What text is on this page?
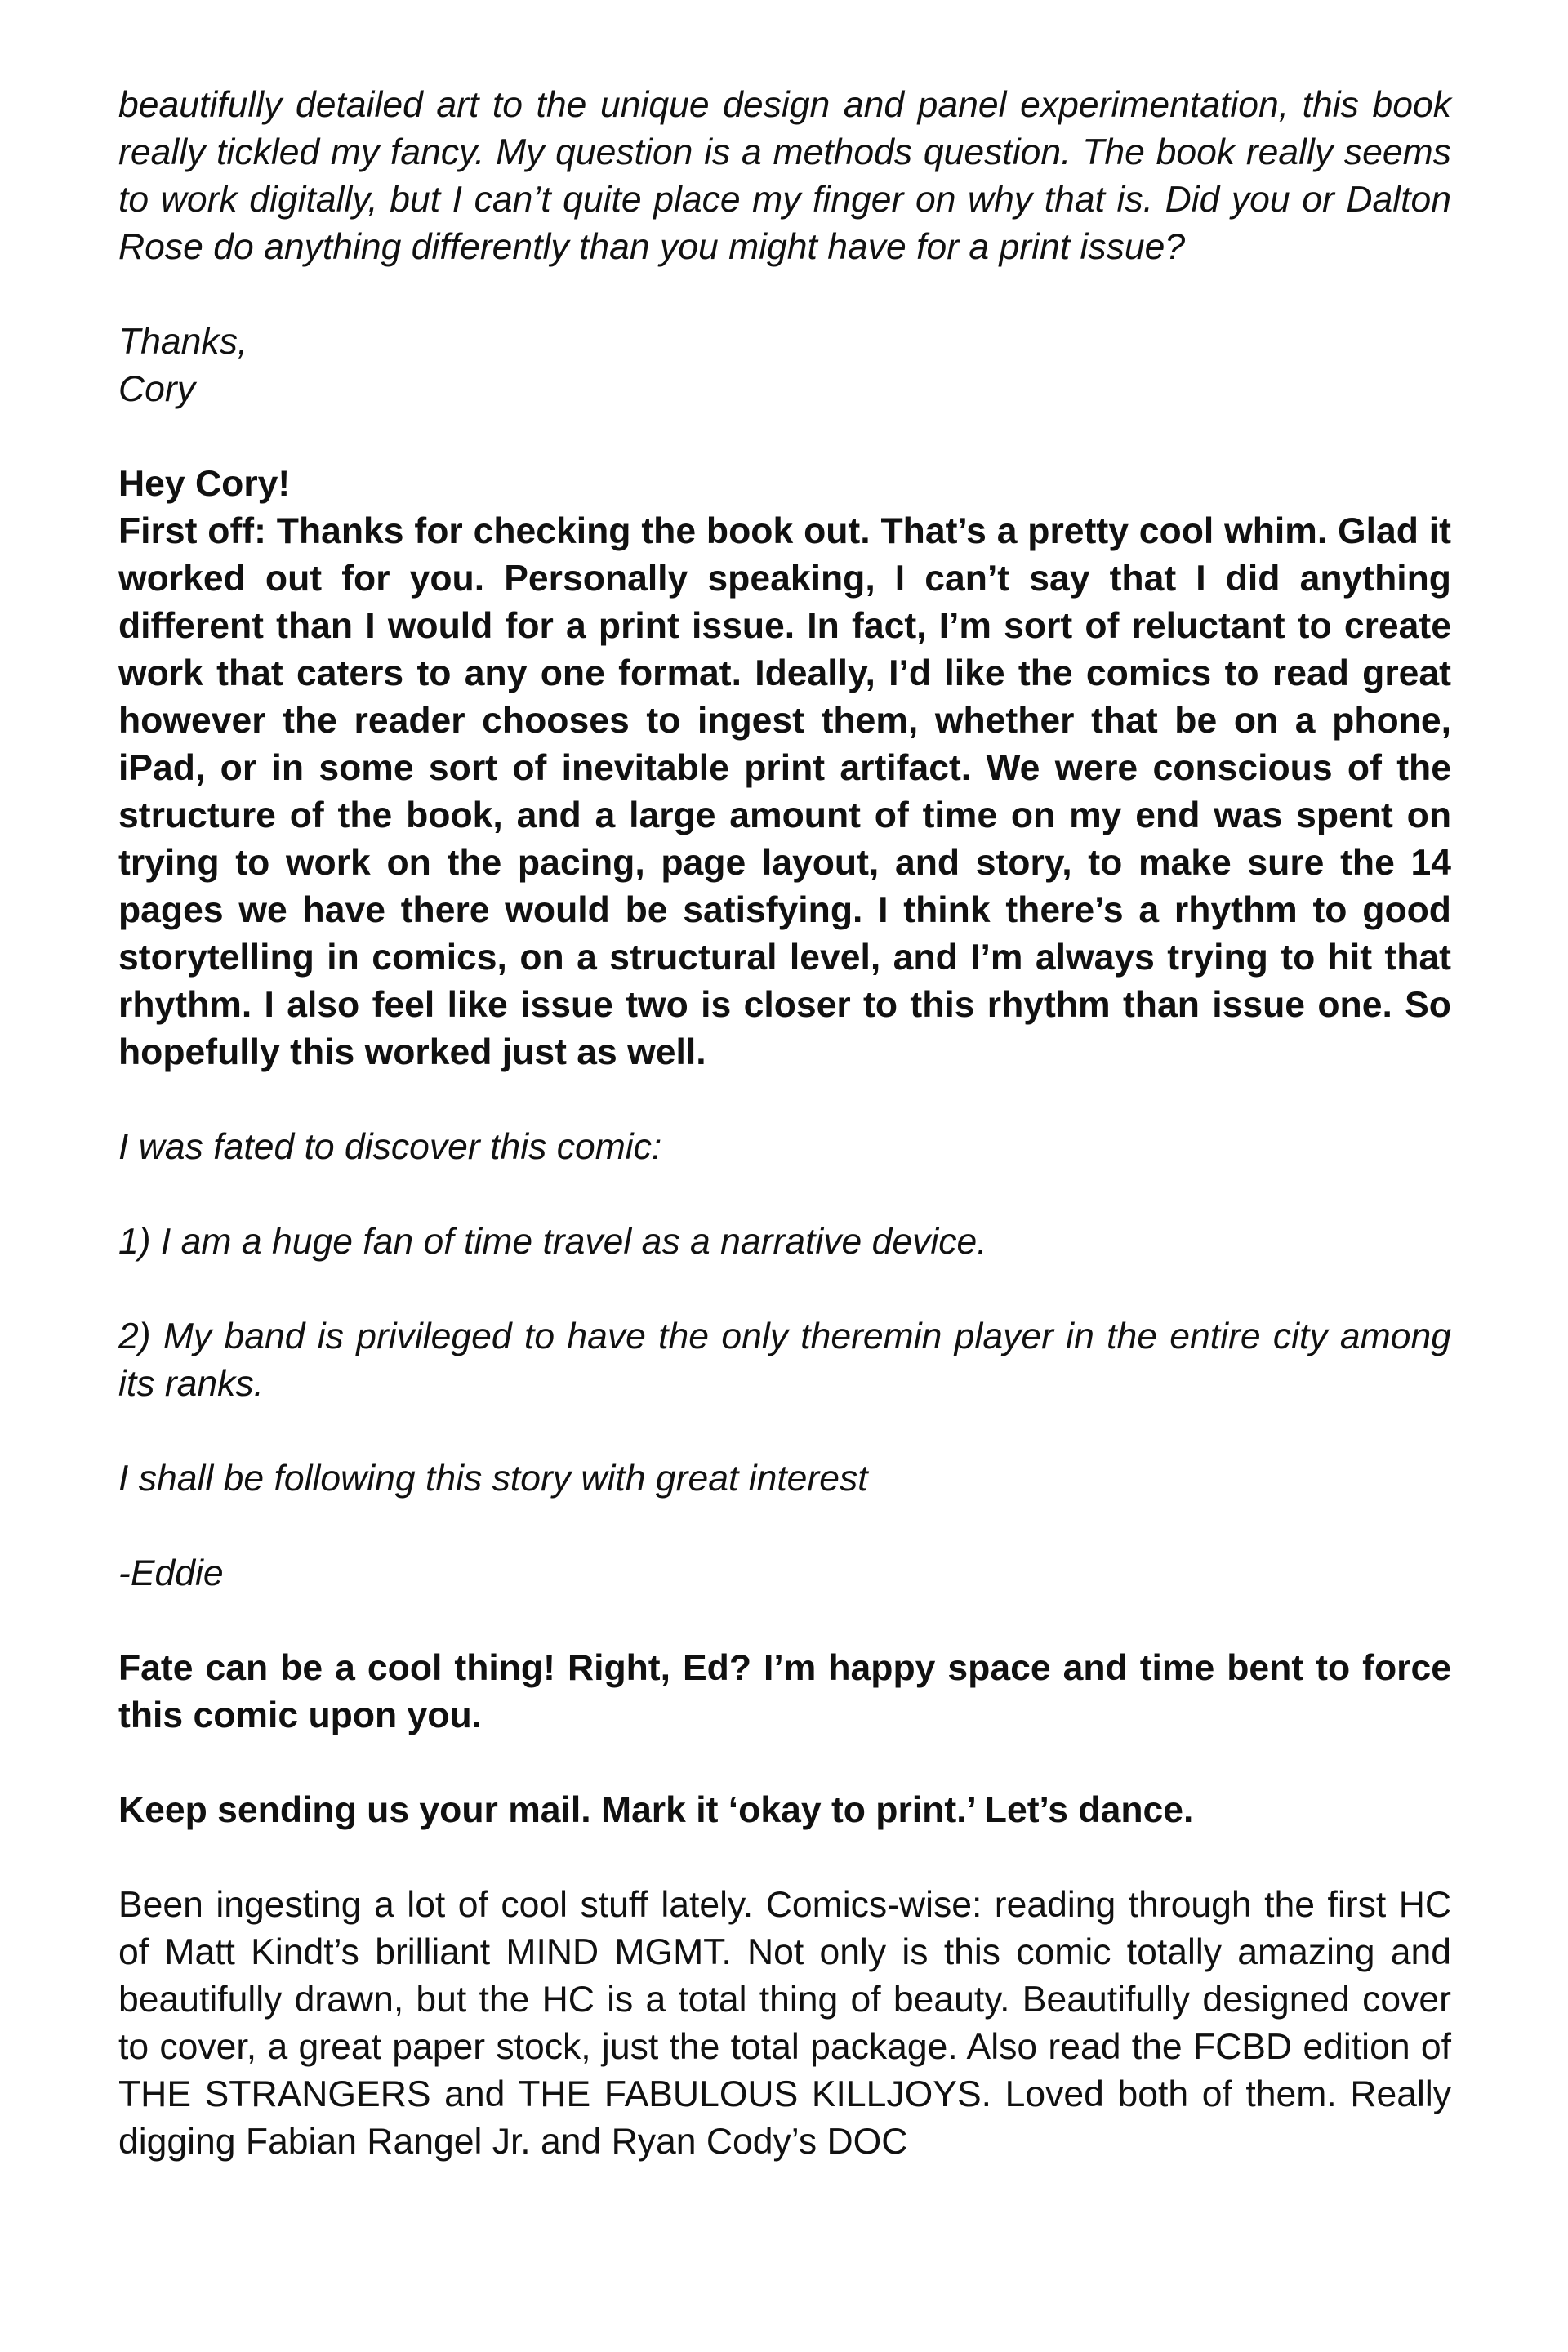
beautifully detailed art to the unique design and panel experimentation, this book really tickled my fancy. My question is a methods question. The book really seems to work digitally, but I can’t quite place my finger on why that is. Did you or Dalton Rose do anything differently than you might have for a print issue?

Thanks,
Cory

Hey Cory!

First off: Thanks for checking the book out. That’s a pretty cool whim. Glad it worked out for you. Personally speaking, I can’t say that I did anything different than I would for a print issue. In fact, I’m sort of reluctant to create work that caters to any one format. Ideally, I’d like the comics to read great however the reader chooses to ingest them, whether that be on a phone, iPad, or in some sort of inevitable print artifact. We were conscious of the structure of the book, and a large amount of time on my end was spent on trying to work on the pacing, page layout, and story, to make sure the 14 pages we have there would be satisfying. I think there’s a rhythm to good storytelling in comics, on a structural level, and I’m always trying to hit that rhythm. I also feel like issue two is closer to this rhythm than issue one. So hopefully this worked just as well.

I was fated to discover this comic:

1) I am a huge fan of time travel as a narrative device.

2) My band is privileged to have the only theremin player in the entire city among its ranks.

I shall be following this story with great interest

-Eddie

Fate can be a cool thing! Right, Ed? I’m happy space and time bent to force this comic upon you.

Keep sending us your mail. Mark it ‘okay to print.’ Let’s dance.

Been ingesting a lot of cool stuff lately. Comics-wise: reading through the first HC of Matt Kindt’s brilliant MIND MGMT. Not only is this comic totally amazing and beautifully drawn, but the HC is a total thing of beauty. Beautifully designed cover to cover, a great paper stock, just the total package. Also read the FCBD edition of THE STRANGERS and THE FABULOUS KILLJOYS. Loved both of them. Really digging Fabian Rangel Jr. and Ryan Cody’s DOC
